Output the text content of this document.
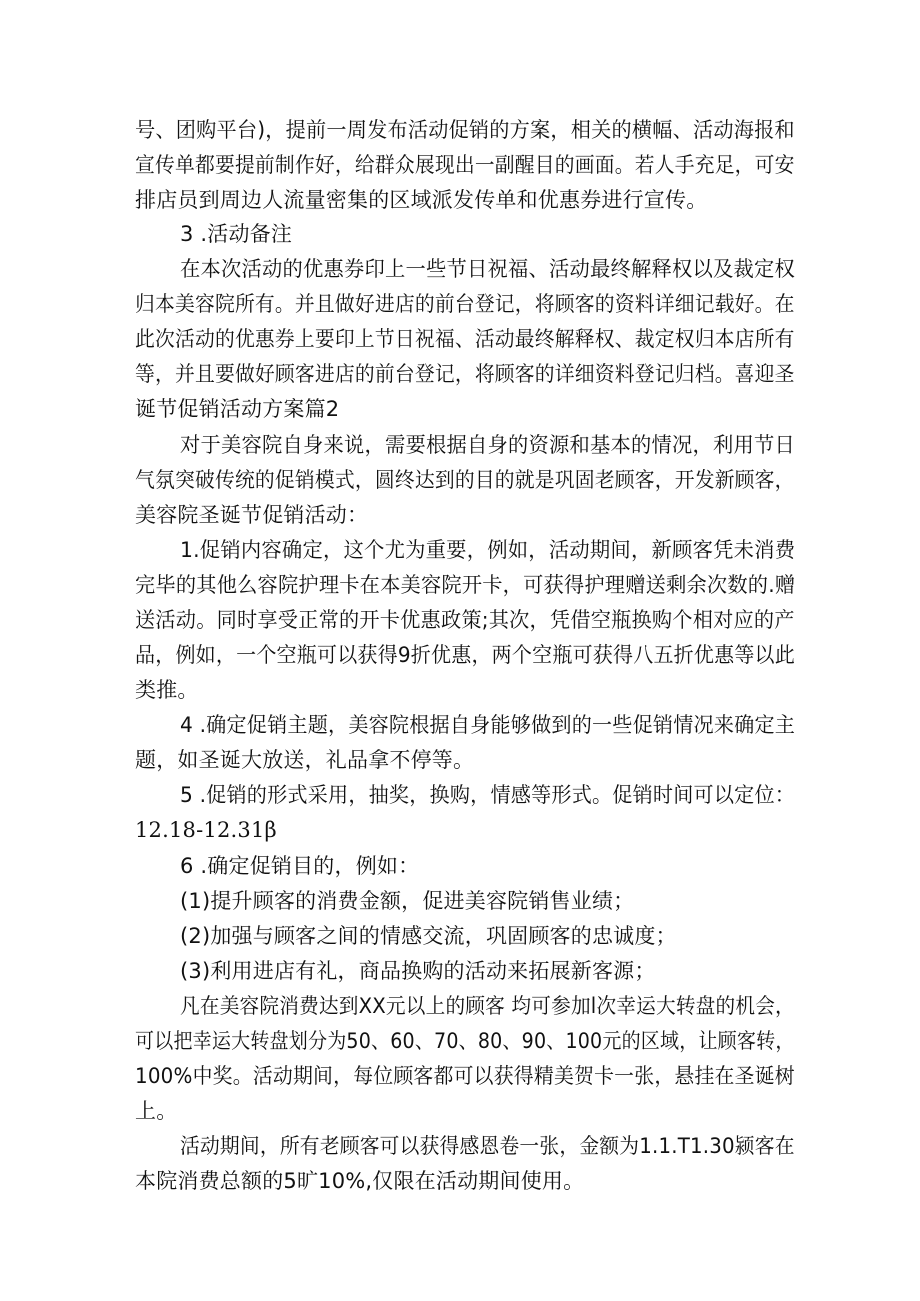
号、团购平台)，提前一周发布活动促销的方案，相关的横幅、活动海报和
宣传单都要提前制作好，给群众展现出一副醒目的画面。若人手充足，可安
排店员到周边人流量密集的区域派发传单和优惠券进行宣传。
3 .活动备注
在本次活动的优惠券印上一些节日祝福、活动最终解释权以及裁定权
归本美容院所有。并且做好进店的前台登记，将顾客的资料详细记载好。在
此次活动的优惠券上要印上节日祝福、活动最终解释权、裁定权归本店所有
等，并且要做好顾客进店的前台登记，将顾客的详细资料登记归档。喜迎圣
诞节促销活动方案篇2
对于美容院自身来说，需要根据自身的资源和基本的情况，利用节日
气氛突破传统的促销模式，圆终达到的目的就是巩固老顾客，开发新顾客，
美容院圣诞节促销活动：
1.促销内容确定，这个尤为重要，例如，活动期间，新顾客凭未消费
完毕的其他么容院护理卡在本美容院开卡，可获得护理赠送剩余次数的.赠
送活动。同时享受正常的开卡优惠政策;其次，凭借空瓶换购个相对应的产
品，例如，一个空瓶可以获得9折优惠，两个空瓶可获得八五折优惠等以此
类推。
4 .确定促销主题，美容院根据自身能够做到的一些促销情况来确定主
题，如圣诞大放送，礼品拿不停等。
5 .促销的形式采用，抽奖，换购，情感等形式。促销时间可以定位：
12.18-12.31β
6 .确定促销目的，例如：
(1)提升顾客的消费金额，促进美容院销售业绩；
(2)加强与顾客之间的情感交流，巩固顾客的忠诚度；
(3)利用进店有礼，商品换购的活动来拓展新客源；
凡在美容院消费达到XX元以上的顾客 均可参加l次幸运大转盘的机会，
可以把幸运大转盘划分为50、60、70、80、90、100元的区域，让顾客转，
100%中奖。活动期间，每位顾客都可以获得精美贺卡一张，悬挂在圣诞树
上。
活动期间，所有老顾客可以获得感恩卷一张，金额为1.1.T1.30颍客在
本院消费总额的5旷10%,仅限在活动期间使用。
